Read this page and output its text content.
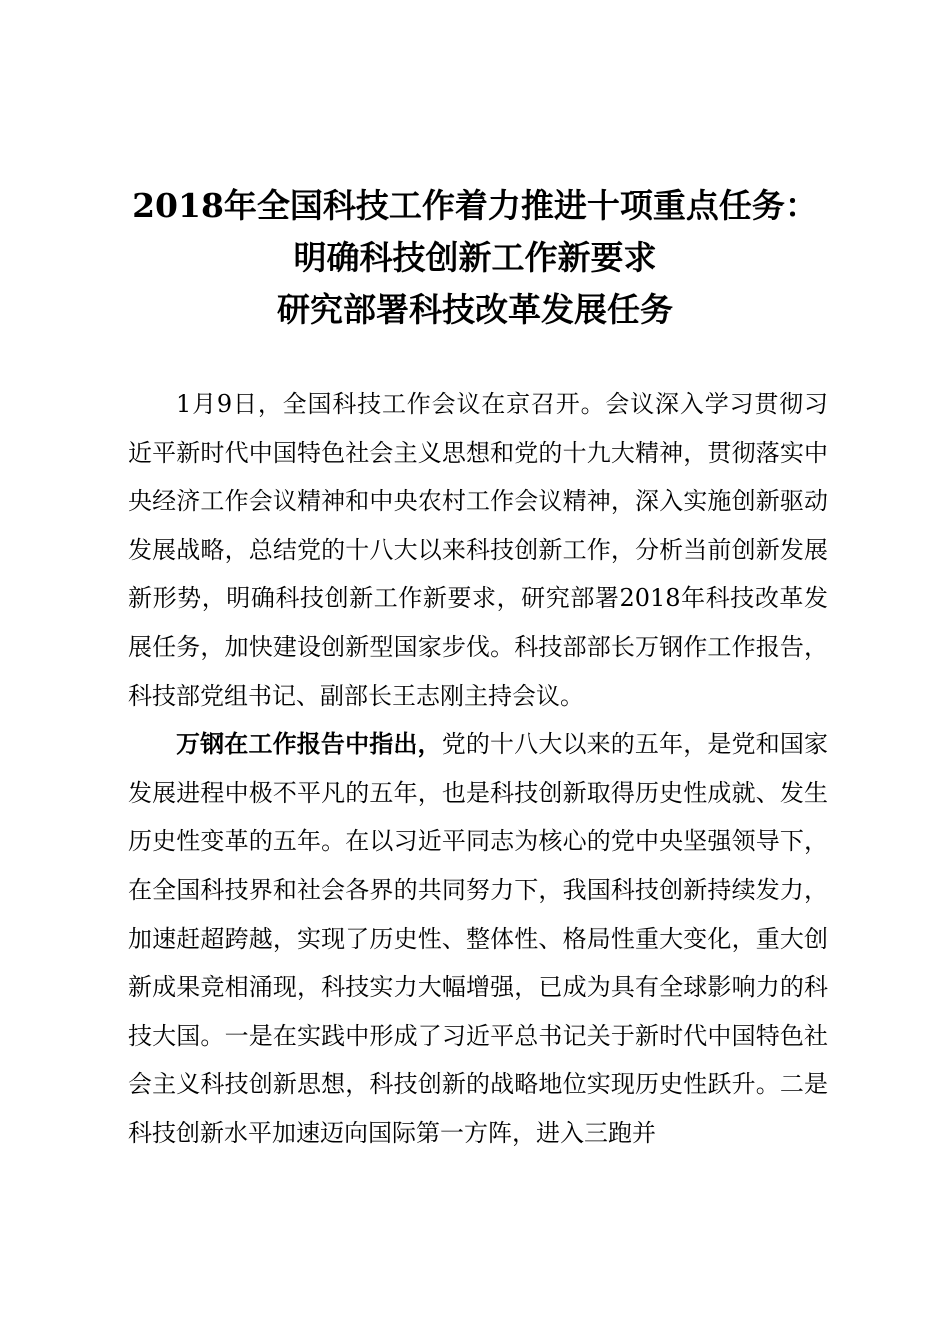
2018年全国科技工作着力推进十项重点任务：
明确科技创新工作新要求
研究部署科技改革发展任务

1月9日，全国科技工作会议在京召开。会议深入学习贯彻习近平新时代中国特色社会主义思想和党的十九大精神，贯彻落实中央经济工作会议精神和中央农村工作会议精神，深入实施创新驱动发展战略，总结党的十八大以来科技创新工作，分析当前创新发展新形势，明确科技创新工作新要求，研究部署2018年科技改革发展任务，加快建设创新型国家步伐。科技部部长万钢作工作报告，科技部党组书记、副部长王志刚主持会议。

万钢在工作报告中指出，党的十八大以来的五年，是党和国家发展进程中极不平凡的五年，也是科技创新取得历史性成就、发生历史性变革的五年。在以习近平同志为核心的党中央坚强领导下，在全国科技界和社会各界的共同努力下，我国科技创新持续发力，加速赶超跨越，实现了历史性、整体性、格局性重大变化，重大创新成果竞相涌现，科技实力大幅增强，已成为具有全球影响力的科技大国。一是在实践中形成了习近平总书记关于新时代中国特色社会主义科技创新思想，科技创新的战略地位实现历史性跃升。二是科技创新水平加速迈向国际第一方阵，进入三跑并
